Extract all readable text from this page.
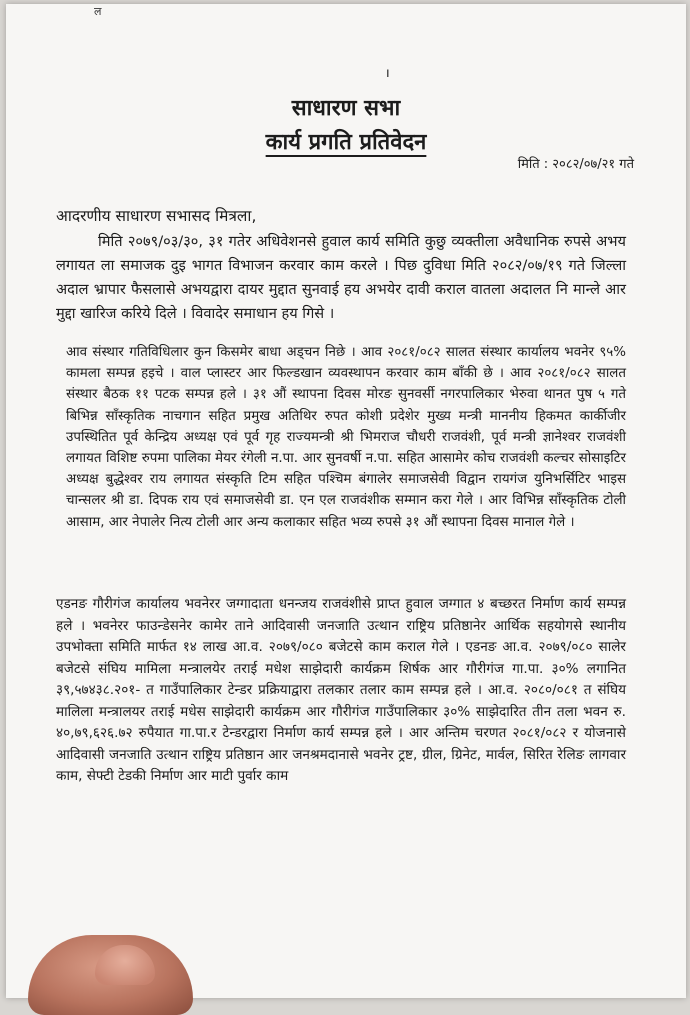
ल
ı
साधारण सभा
कार्य प्रगति प्रतिवेदन
मिति : २०८२/०७/२१ गते
आदरणीय साधारण सभासद मित्रला,
मिति २०७९/०३/३०, ३१ गतेर अधिवेशनसे हुवाल कार्य समिति कुछु व्यक्तीला अवैधानिक रुपसे अभय लगायत ला समाजक दुइ भागत विभाजन करवार काम करले । पिछ दुविधा मिति २०८२/०७/१९ गते जिल्ला अदाल भ्रापार फैसलासे अभयद्वारा दायर मुद्दात सुनवाई हय अभयेर दावी कराल वातला अदालत नि मान्ले आर मुद्दा खारिज करिये दिले । विवादेर समाधान हय गिसे ।
आव संस्थार गतिविधिलार कुन किसमेर बाधा अड्चन निछे । आव २०८१/०८२ सालत संस्थार कार्यालय भवनेर ९५% कामला सम्पन्न हइचे । वाल प्लास्टर आर फिल्डखान व्यवस्थापन करवार काम बाँकी छे । आव २०८१/०८२ सालत संस्थार बैठक ११ पटक सम्पन्न हले । ३१ औं स्थापना दिवस मोरङ सुनवर्सी नगरपालिकार भेरुवा थानत पुष ५ गते बिभिन्न साँस्कृतिक नाचगान सहित प्रमुख अतिथिर रुपत कोशी प्रदेशेर मुख्य मन्त्री माननीय हिकमत कार्कीजीर उपस्थितित पूर्व केन्द्रिय अध्यक्ष एवं पूर्व गृह राज्यमन्त्री श्री भिमराज चौधरी राजवंशी, पूर्व मन्त्री ज्ञानेश्वर राजवंशी लगायत विशिष्ट रुपमा पालिका मेयर रंगेली न.पा. आर सुनवर्षी न.पा. सहित आसामेर कोच राजवंशी कल्चर सोसाइटिर अध्यक्ष बुद्धेश्वर राय लगायत संस्कृति टिम सहित पश्चिम बंगालेर समाजसेवी विद्वान रायगंज युनिभर्सिटिर भाइस चान्सलर श्री डा. दिपक राय एवं समाजसेवी डा. एन एल राजवंशीक सम्मान करा गेले । आर विभिन्न साँस्कृतिक टोली आसाम, आर नेपालेर नित्य टोली आर अन्य कलाकार सहित भव्य रुपसे ३१ औं स्थापना दिवस मानाल गेले ।
एडनङ गौरीगंज कार्यालय भवनेरर जग्गादाता धनन्जय राजवंशीसे प्राप्त हुवाल जग्गात ४ बच्छरत निर्माण कार्य सम्पन्न हले । भवनेरर फाउन्डेसनेर कामेर ताने आदिवासी जनजाति उत्थान राष्ट्रिय प्रतिष्ठानेर आर्थिक सहयोगसे स्थानीय उपभोक्ता समिति मार्फत १४ लाख आ.व. २०७९/०८० बजेटसे काम कराल गेले । एडनङ आ.व. २०७९/०८० सालेर बजेटसे संघिय मामिला मन्त्रालयेर तराई मधेश साझेदारी कार्यक्रम शिर्षक आर गौरीगंज गा.पा. ३०% लगानित ३९,५७४३८.२०१- त गाउँपालिकार टेन्डर प्रक्रियाद्वारा तलकार तलार काम सम्पन्न हले । आ.व. २०८०/०८१ त संघिय मालिला मन्त्रालयर तराई मधेस साझेदारी कार्यक्रम आर गौरीगंज गाउँपालिकार ३०% साझेदारित तीन तला भवन रु. ४०,७९,६२६.७२ रुपैयात गा.पा.र टेन्डरद्वारा निर्माण कार्य सम्पन्न हले । आर अन्तिम चरणत २०८१/०८२ र योजनासे आदिवासी जनजाति उत्थान राष्ट्रिय प्रतिष्ठान आर जनश्रमदानासे भवनेर ट्रष्ट, ग्रील, ग्रिनेट, मार्वल, सिरित रेलिङ लागवार काम, सेफ्टी टेडकी निर्माण आर माटी पुर्वार काम
